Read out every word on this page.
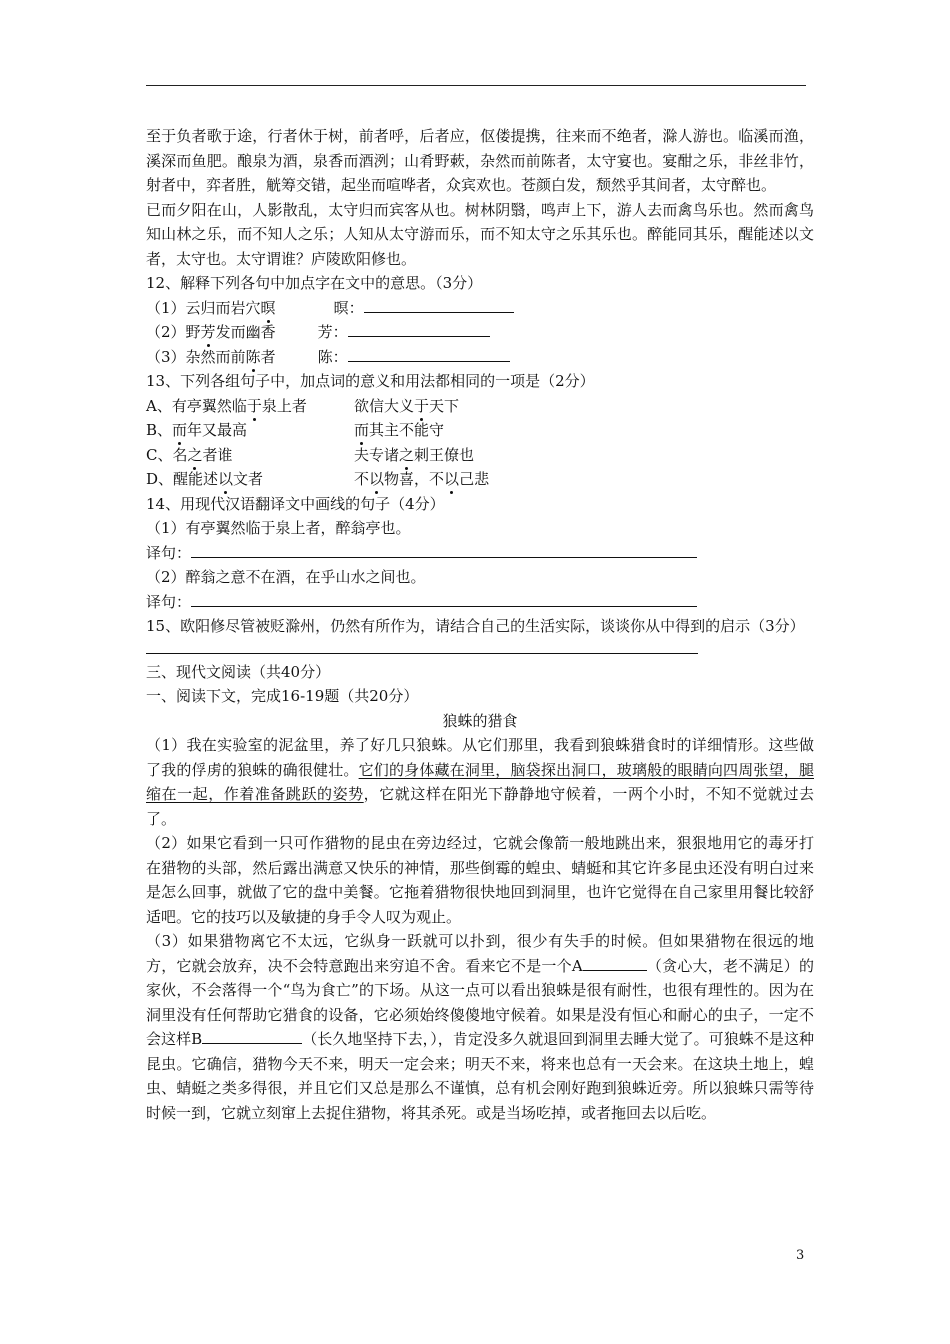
至于负者歌于途，行者休于树，前者呼，后者应，伛偻提携，往来而不绝者，滁人游也。临溪而渔，溪深而鱼肥。酿泉为酒，泉香而酒洌；山肴野蔌，杂然而前陈者，太守宴也。宴酣之乐，非丝非竹，射者中，弈者胜，觥筹交错，起坐而喧哗者，众宾欢也。苍颜白发，颓然乎其间者，太守醉也。

已而夕阳在山，人影散乱，太守归而宾客从也。树林阴翳，鸣声上下，游人去而禽鸟乐也。然而禽鸟知山林之乐，而不知人之乐；人知从太守游而乐，而不知太守之乐其乐也。醉能同其乐，醒能述以文者，太守也。太守谓谁？庐陵欧阳修也。

12、解释下列各句中加点字在文中的意思。（3分）

（1）云归而岩穴暝	暝：

（2）野芳发而幽香	芳：

（3）杂然而前陈者	陈：

13、下列各组句子中，加点词的意义和用法都相同的一项是（2分）

A、有亭翼然临于泉上者	欲信大义于天下

B、而年又最高	而其主不能守

C、名之者谁	夫专诸之刺王僚也

D、醒能述以文者	不以物喜，不以己悲

14、用现代汉语翻译文中画线的句子（4分）

（1）有亭翼然临于泉上者，醉翁亭也。

译句：

（2）醉翁之意不在酒，在乎山水之间也。

译句：

15、欧阳修尽管被贬滁州，仍然有所作为，请结合自己的生活实际，谈谈你从中得到的启示（3分）

三、现代文阅读（共40分）

一、阅读下文，完成16-19题（共20分）

狼蛛的猎食

（1）我在实验室的泥盆里，养了好几只狼蛛。从它们那里，我看到狼蛛猎食时的详细情形。这些做了我的俘虏的狼蛛的确很健壮。它们的身体藏在洞里，脑袋探出洞口，玻璃般的眼睛向四周张望，腿缩在一起，作着准备跳跃的姿势，它就这样在阳光下静静地守候着，一两个小时，不知不觉就过去了。

（2）如果它看到一只可作猎物的昆虫在旁边经过，它就会像箭一般地跳出来，狠狠地用它的毒牙打在猎物的头部，然后露出满意又快乐的神情，那些倒霉的蝗虫、蜻蜓和其它许多昆虫还没有明白过来是怎么回事，就做了它的盘中美餐。它拖着猎物很快地回到洞里，也许它觉得在自己家里用餐比较舒适吧。它的技巧以及敏捷的身手令人叹为观止。

（3）如果猎物离它不太远，它纵身一跃就可以扑到，很少有失手的时候。但如果猎物在很远的地方，它就会放弃，决不会特意跑出来穷追不舍。看来它不是一个A	（贪心大，老不满足）的家伙，不会落得一个“鸟为食亡”的下场。从这一点可以看出狼蛛是很有耐性，也很有理性的。因为在洞里没有任何帮助它猎食的设备，它必须始终傻傻地守候着。如果是没有恒心和耐心的虫子，一定不会这样B	（长久地坚持下去，），肯定没多久就退回到洞里去睡大觉了。可狼蛛不是这种昆虫。它确信，猎物今天不来，明天一定会来；明天不来，将来也总有一天会来。在这块土地上，蝗虫、蜻蜓之类多得很，并且它们又总是那么不谨慎，总有机会刚好跑到狼蛛近旁。所以狼蛛只需等待时候一到，它就立刻窜上去捉住猎物，将其杀死。或是当场吃掉，或者拖回去以后吃。

3
